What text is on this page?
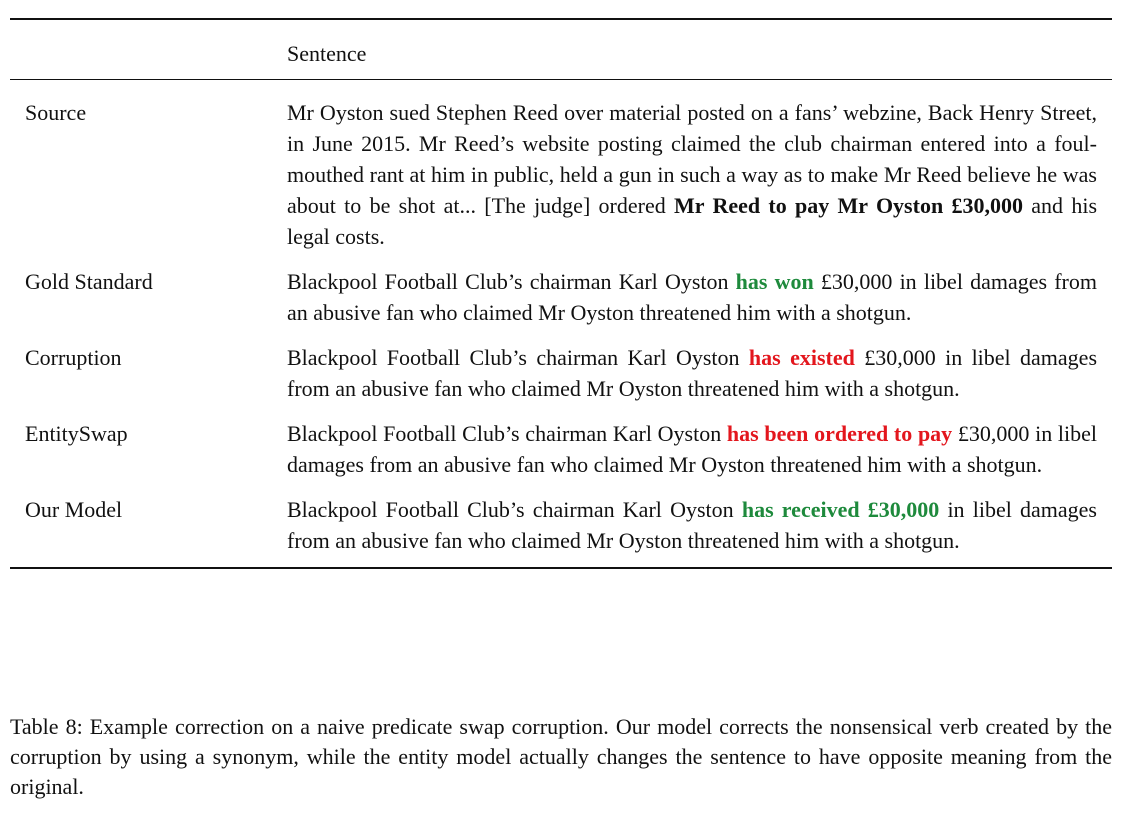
Sentence
Source	Mr Oyston sued Stephen Reed over material posted on a fans’ webzine, Back Henry Street, in June 2015. Mr Reed’s website posting claimed the club chairman entered into a foul-mouthed rant at him in public, held a gun in such a way as to make Mr Reed believe he was about to be shot at... [The judge] ordered Mr Reed to pay Mr Oyston £30,000 and his legal costs.
Gold Standard	Blackpool Football Club’s chairman Karl Oyston has won £30,000 in libel damages from an abusive fan who claimed Mr Oyston threatened him with a shotgun.
Corruption	Blackpool Football Club’s chairman Karl Oyston has existed £30,000 in libel damages from an abusive fan who claimed Mr Oyston threatened him with a shotgun.
EntitySwap	Blackpool Football Club’s chairman Karl Oyston has been ordered to pay £30,000 in libel damages from an abusive fan who claimed Mr Oyston threatened him with a shotgun.
Our Model	Blackpool Football Club’s chairman Karl Oyston has received £30,000 in libel damages from an abusive fan who claimed Mr Oyston threatened him with a shotgun.
Table 8: Example correction on a naive predicate swap corruption. Our model corrects the nonsensical verb created by the corruption by using a synonym, while the entity model actually changes the sentence to have opposite meaning from the original.
